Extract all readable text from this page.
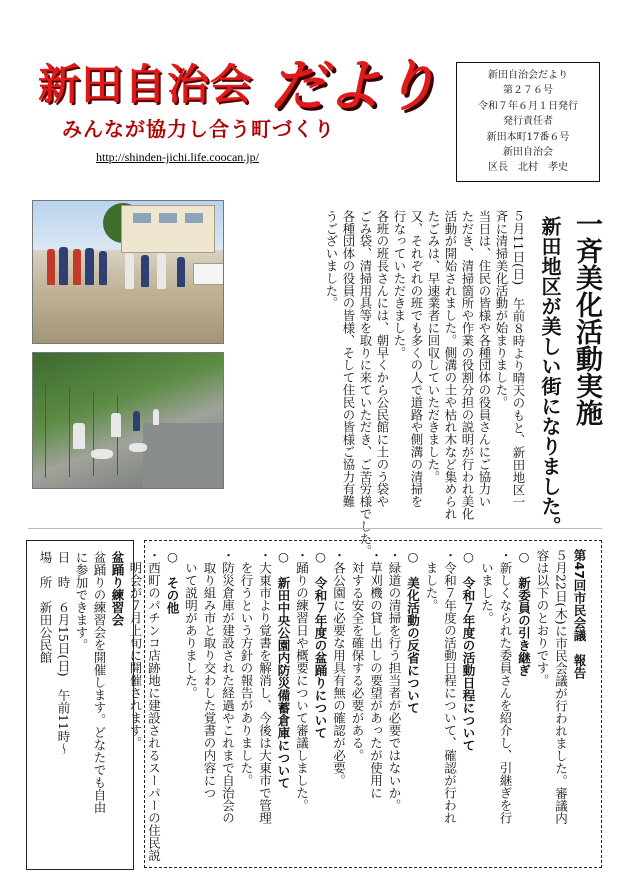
新田自治会 だより
みんなが協力し合う町づくり
http://shinden-jichi.life.coocan.jp/
新田自治会だより
第２７６号
令和７年６月１日発行
発行責任者
新田本町17番６号
新田自治会
区長　北村　孝史
一斉美化活動実施
新田地区が美しい街になりました。
５月11日(日)　午前８時より晴天のもと、新田地区一
斉に清掃美化活動が始まりました。
当日は、住民の皆様や各種団体の役員さんにご協力い
ただき、清掃箇所や作業の役割分担の説明が行われ美化
活動が開始されました。側溝の土や枯れ木など集められ
たごみは、早速業者に回収していただきました。
又、それぞれの班でも多くの人で道路や側溝の清掃を
行なっていただきました。
各班の班長さんには、朝早くから公民館に土のう袋や
ごみ袋、清掃用具等を取りに来ていただき、ご苦労様でした。
各種団体の役員の皆様、そして住民の皆様ご協力有難
うございました。
第47回市民会議　報告
５月22日(木)に市民会議が行われました。審議内
容は以下のとおりです。
○　新委員の引き継ぎ
・新しくなられた委員さんを紹介し、引継ぎを行
　いました。
○　令和７年度の活動日程について
・令和７年度の活動日程について、確認が行われ
　ました。
○　美化活動の反省について
・緑道の清掃を行う担当者が必要ではないか。
・草刈機の貸し出しの要望があったが使用に
　対する安全を確保する必要がある。
・各公園に必要な用具有無の確認が必要。
○　令和７年度の盆踊りについて
・踊りの練習日や概要について審議しました。
○　新田中央公園内防災備蓄倉庫について
・大東市より覚書を解消し、今後は大東市で管理
　を行うという方針の報告がありました。
・防災倉庫が建設された経過やこれまで自治会の
　取り組み市と取り交わした覚書の内容につ
　いて説明がありました。
○　その他
・西町のパチンコ店跡地に建設されるスーパーの住民説
　明会が７月上旬に開催されます。
盆踊り練習会
盆踊りの練習会を開催します。どなたでも自由
に参加できます。
日　時　６月15日(日)　午前11時～
場　所　新田公民館
